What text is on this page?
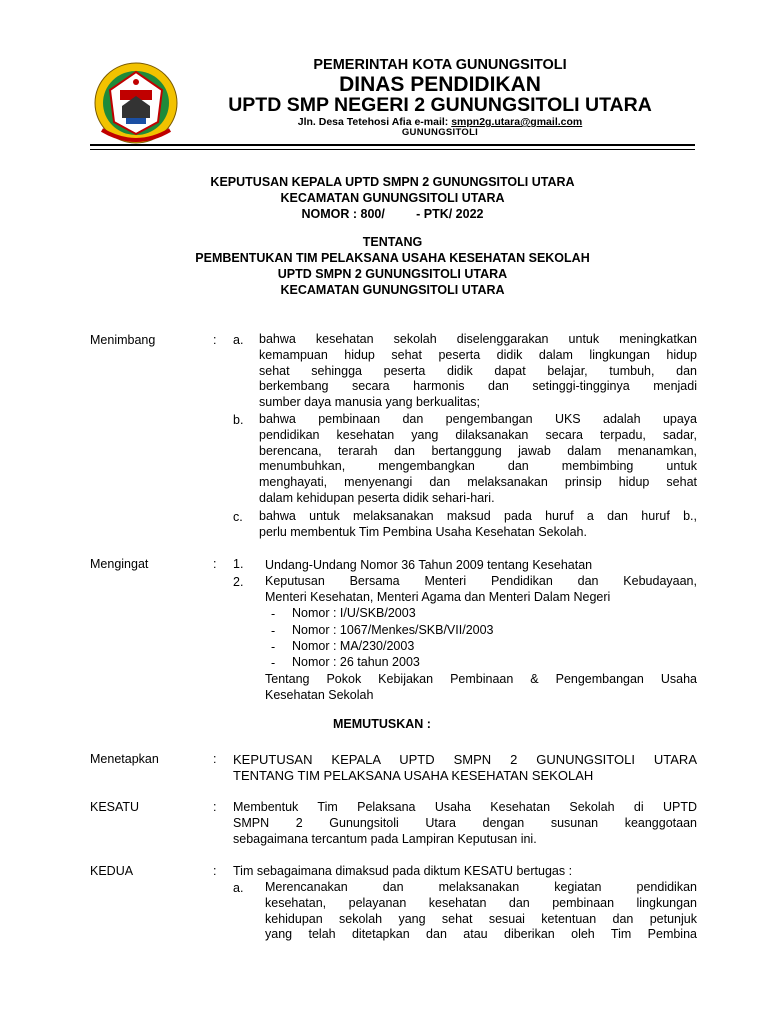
PEMERINTAH KOTA GUNUNGSITOLI
DINAS PENDIDIKAN
UPTD SMP NEGERI 2 GUNUNGSITOLI UTARA
Jln. Desa Tetehosi Afia e-mail: smpn2g.utara@gmail.com
GUNUNGSITOLI
KEPUTUSAN KEPALA UPTD SMPN 2 GUNUNGSITOLI UTARA
KECAMATAN GUNUNGSITOLI UTARA
NOMOR : 800/         - PTK/ 2022
TENTANG
PEMBENTUKAN TIM PELAKSANA USAHA KESEHATAN SEKOLAH
UPTD SMPN 2 GUNUNGSITOLI UTARA
KECAMATAN GUNUNGSITOLI UTARA
Menimbang	: a. bahwa kesehatan sekolah diselenggarakan untuk meningkatkan
kemampuan hidup sehat peserta didik dalam lingkungan hidup
sehat sehingga peserta didik dapat belajar, tumbuh, dan
berkembang secara harmonis dan setinggi-tingginya menjadi
sumber daya manusia yang berkualitas;
b. bahwa pembinaan dan pengembangan UKS adalah upaya
pendidikan kesehatan yang dilaksanakan secara terpadu, sadar,
berencana, terarah dan bertanggung jawab dalam menanamkan,
menumbuhkan, mengembangkan dan membimbing untuk
menghayati, menyenangi dan melaksanakan prinsip hidup sehat
dalam kehidupan peserta didik sehari-hari.
c. bahwa untuk melaksanakan maksud pada huruf a dan huruf b.,
perlu membentuk Tim Pembina Usaha Kesehatan Sekolah.
Mengingat	: 1. Undang-Undang Nomor 36 Tahun 2009 tentang Kesehatan
2. Keputusan Bersama Menteri Pendidikan dan Kebudayaan,
Menteri Kesehatan, Menteri Agama dan Menteri Dalam Negeri
- Nomor : I/U/SKB/2003
- Nomor : 1067/Menkes/SKB/VII/2003
- Nomor : MA/230/2003
- Nomor : 26 tahun 2003
Tentang Pokok Kebijakan Pembinaan & Pengembangan Usaha
Kesehatan Sekolah
MEMUTUSKAN :
Menetapkan	: KEPUTUSAN KEPALA UPTD SMPN 2 GUNUNGSITOLI UTARA
TENTANG TIM PELAKSANA USAHA KESEHATAN SEKOLAH
KESATU	: Membentuk Tim Pelaksana Usaha Kesehatan Sekolah di UPTD
SMPN 2 Gunungsitoli Utara dengan susunan keanggotaan
sebagaimana tercantum pada Lampiran Keputusan ini.
KEDUA	: Tim sebagaimana dimaksud pada diktum KESATU bertugas :
a. Merencanakan dan melaksanakan kegiatan pendidikan
kesehatan, pelayanan kesehatan dan pembinaan lingkungan
kehidupan sekolah yang sehat sesuai ketentuan dan petunjuk
yang telah ditetapkan dan atau diberikan oleh Tim Pembina
